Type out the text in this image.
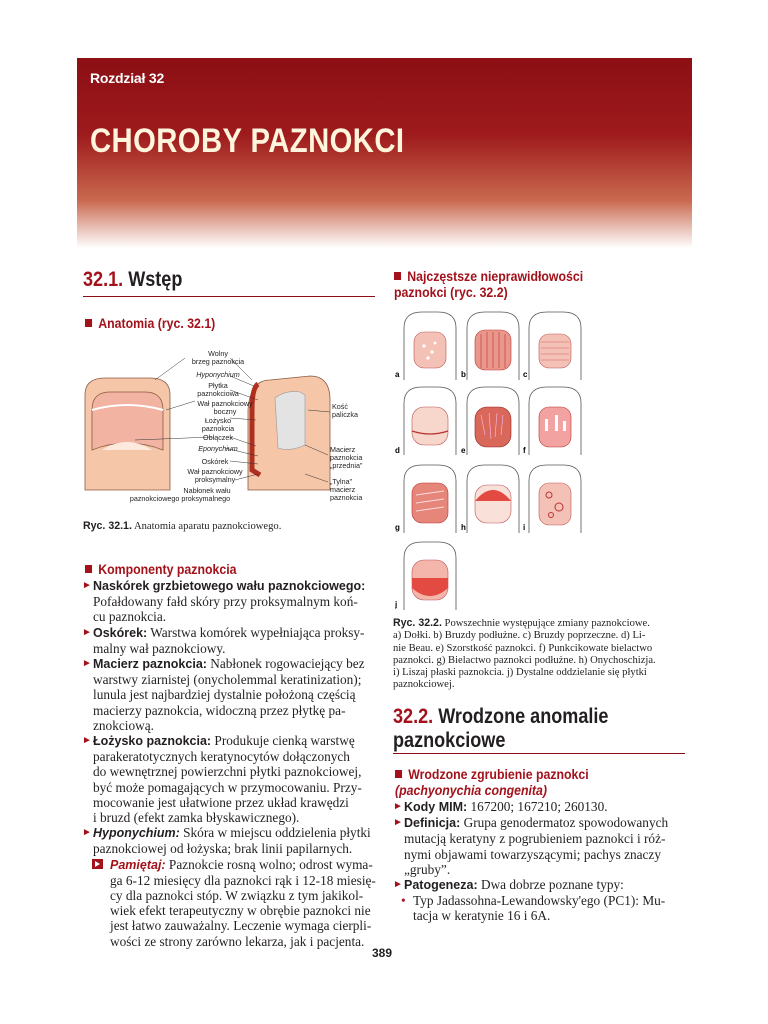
Rozdział 32
CHOROBY PAZNOKCI
32.1. Wstęp
Anatomia (ryc. 32.1)
Wolny
brzeg paznokcia
Hyponychium
Płytka
paznokciowa
Wał paznokciowy
boczny
Łożysko
paznokcia
Obłączek
Eponychium
Oskórek
Wał paznokciowy
proksymalny
Nabłonek wału
paznokciowego proksymalnego
Kość
paliczka
Macierz
paznokcia
„przednia”
„Tylna”
macierz
paznokcia
Ryc. 32.1. Anatomia aparatu paznokciowego.
Komponenty paznokcia
► Naskórek grzbietowego wału paznokciowego:
Pofałdowany fałd skóry przy proksymalnym koń-
cu paznokcia.
► Oskórek: Warstwa komórek wypełniająca proksy-
malny wał paznokciowy.
► Macierz paznokcia: Nabłonek rogowaciejący bez
warstwy ziarnistej (onycholemmal keratinization);
lunula jest najbardziej dystalnie położoną częścią
macierzy paznokcia, widoczną przez płytkę pa-
znokciową.
► Łożysko paznokcia: Produkuje cienką warstwę
parakeratotycznych keratynocytów dołączonych
do wewnętrznej powierzchni płytki paznokciowej,
być może pomagających w przymocowaniu. Przy-
mocowanie jest ułatwione przez układ krawędzi
i bruzd (efekt zamka błyskawicznego).
► Hyponychium: Skóra w miejscu oddzielenia płytki
paznokciowej od łożyska; brak linii papilarnych.
Pamiętaj: Paznokcie rosną wolno; odrost wyma-
ga 6-12 miesięcy dla paznokci rąk i 12-18 miesię-
cy dla paznokci stóp. W związku z tym jakikol-
wiek efekt terapeutyczny w obrębie paznokci nie
jest łatwo zauważalny. Leczenie wymaga cierpli-
wości ze strony zarówno lekarza, jak i pacjenta.
Najczęstsze nieprawidłowości
paznokci (ryc. 32.2)
a	b	c
d	e	f
g	h	i
j
Ryc. 32.2. Powszechnie występujące zmiany paznokciowe.
a) Dołki. b) Bruzdy podłużne. c) Bruzdy poprzeczne. d) Li-
nie Beau. e) Szorstkość paznokci. f) Punkcikowate bielactwo
paznokci. g) Bielactwo paznokci podłużne. h) Onychoschizja.
i) Liszaj płaski paznokcia. j) Dystalne oddzielanie się płytki
paznokciowej.
32.2. Wrodzone anomalie
paznokciowe
Wrodzone zgrubienie paznokci
(pachyonychia congenita)
► Kody MIM: 167200; 167210; 260130.
► Definicja: Grupa genodermatoz spowodowanych
mutacją keratyny z pogrubieniem paznokci i róż-
nymi objawami towarzyszącymi; pachys znaczy
„gruby”.
► Patogeneza: Dwa dobrze poznane typy:
• Typ Jadassohna-Lewandowsky'ego (PC1): Mu-
tacja w keratynie 16 i 6A.
389
